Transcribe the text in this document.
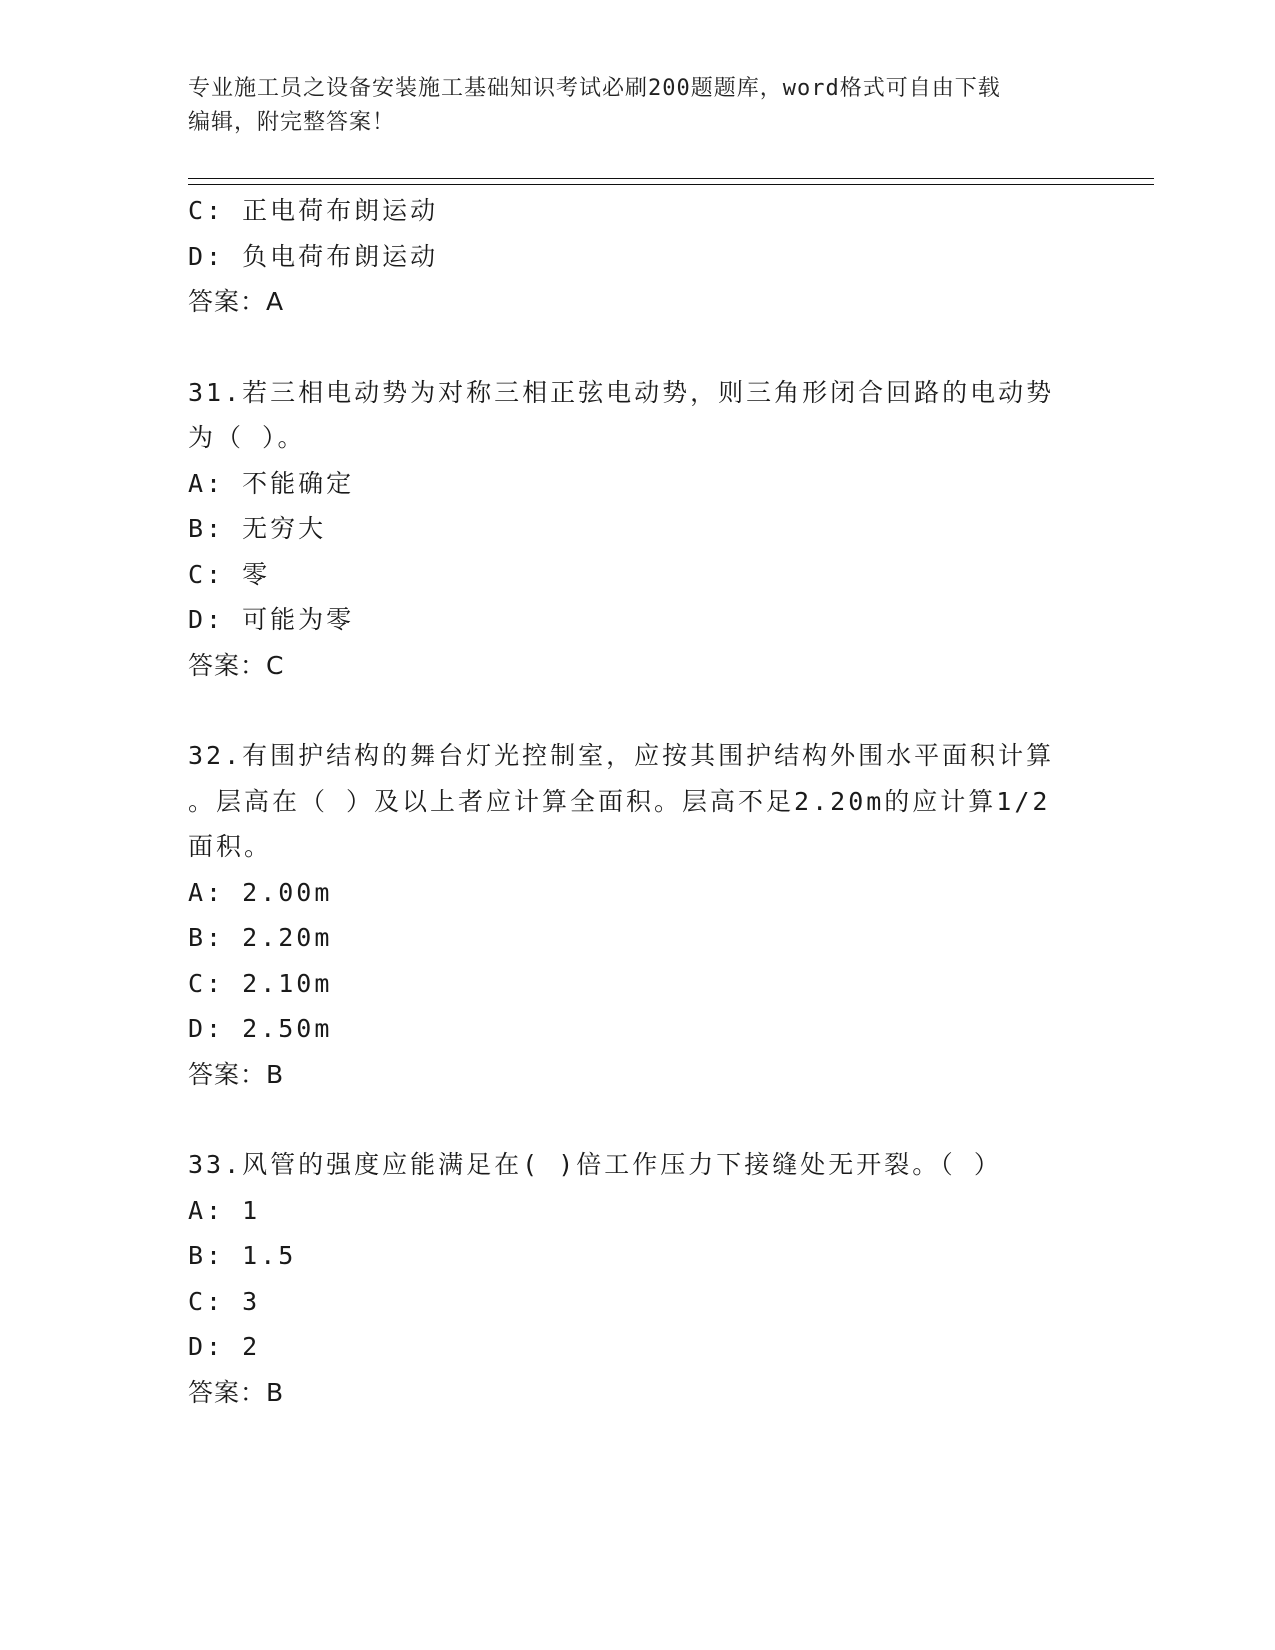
专业施工员之设备安装施工基础知识考试必刷200题题库，word格式可自由下载
编辑，附完整答案！
C: 正电荷布朗运动
D: 负电荷布朗运动
答案：A
31.若三相电动势为对称三相正弦电动势，则三角形闭合回路的电动势
为（ ）。
A: 不能确定
B: 无穷大
C: 零
D: 可能为零
答案：C
32.有围护结构的舞台灯光控制室，应按其围护结构外围水平面积计算
。层高在（ ）及以上者应计算全面积。层高不足2.20m的应计算1/2
面积。
A: 2.00m
B: 2.20m
C: 2.10m
D: 2.50m
答案：B
33.风管的强度应能满足在( )倍工作压力下接缝处无开裂。（ ）
A: 1
B: 1.5
C: 3
D: 2
答案：B
